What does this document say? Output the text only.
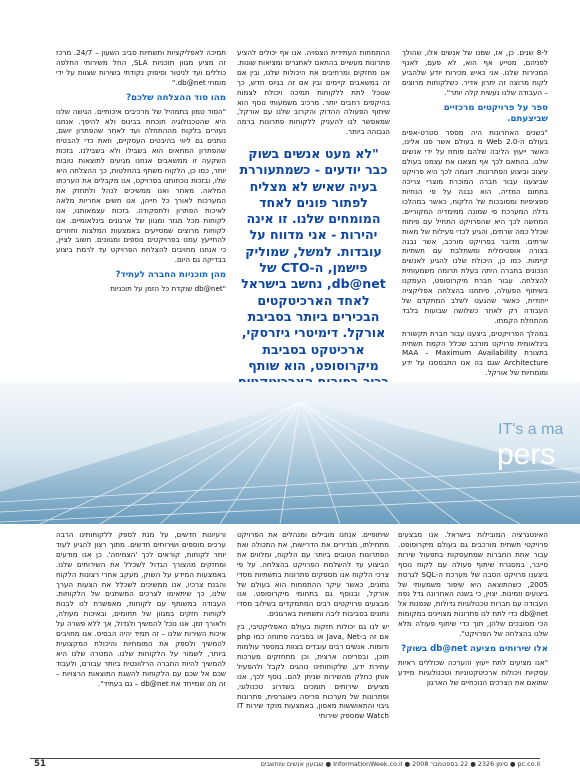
ל-8 שנים. כן, אז, שמנו של אנשים אלו, שהולך לפניהם, מטייע אף הוא, לא פעם, לאנף המכירות שלנו. אני כאיש מכירות יודע שלהביע לקוח מרוצה זה יתרון אדיר. כשלקוחות מרוצים – העבודה שלנו נעשית קלה יותר".

ספר על פרויקטים מרכזיים שביצעתם.

"בשנים האחרונות היה מספר סטרט-אפים בעולם ה-Web 2.0 מ בעולם אשר פנו אלינו, כאשר ייעוץ הליבה שלהם פותח על ידי אנשים שלנו. בהתאם לכך אף מצאנו את עצמנו בעולם עיצוב וביצוע הפתרונות. דוגמה לכך היא פרויקט שביצענו עבור חברה המוכרת מוצרי צריכה בתחום המדיה. הוא נבנה על פי הנחיות ספציפיות ומסובכות של הלקוח, כאשר במהלכו גדלה המערכת פי שמונה ממימדיה המקוריים. המחשה לכך היא שהפרויקט התחיל עם פיתוח שכלל כמה שרתים, והגיע לכדי פעילות של מאות שרתים. מדובר בפרויקט מורכב, אשר נבנה בצורה אופטימלית ומשתלבת עם תשתיות קיימות. כמו כן, היכולת שלנו להגיע לאנשים הנכונים בחברה היתה בעלת תרומה משמעותית להצלחה. עבור חברת מיקרוסופט, העמקנו בשיתוף הפעולה, פיתחנו בהצלחה אפליקציה ייחודית, כאשר שהגענו לשלב המתקדם של העבודה רק לאחר כשלושה שבועות בלבד מהתחלת הקמתו.

במהלך הפרויקטים, ביצענו עבור חברת תקשורת בינלאומית פרויקט מורכב שכלל הקמת תשתית בתצורת MAA – Maximum Availability Architecture שגם בה אנו התבססנו על ידע ומומחיות של אורקל.

ההתמחות העתידית הצפויה. אנו אף יכולים להציע פתרונות מעשיים בהתאם לאתגרים ומציאות שונות. אנו מחזקים ומרחיבים את היכולות שלנו, ובין אם זה במשאבים קיימים ובין אם זה בגיוס חדש, כך שנוכל לתת ללקוחות תמיכה ויכולת לצמוח בהיקפים רחבים יותר. מרכיב משמעותי נוסף הוא שיתוף הפעולה ההדוק והקרוב שלנו עם אורקל, שמאפשר לנו להעניק ללקוחות פתרונות ברמה הגבוהה ביותר.

"לא מעט אנשים בשוק כבר יודעים - כשמתעוררת בעיה שאיש לא מצליח לפתור פונים לאחד המומחים שלנו. זו אינה יהירות - אני מדווח על עובדות. למשל, שמוליק פישמן, ה-CTO של db@net, נחשב בישראל לאחד הארכיטקטים הבכירים ביותר בסביבת אורקל. דימיטרי גיזרסקי, ארכיטקט בסביבת מיקרוסופט, הוא שותף

תמיכה לאפליקציות ותשתיות סביב השעון – 24/7. מרכז זה מציע מגוון תוכניות SLA, החל משירותי החלפה כוללים ועד לניטור וסיפוק נקודתי בשירות שצוות על ידי מומחי db@net."

מהו סוד ההצלחה שלכם?

"הסוד טמון בתמהיל של מרכיבים איכותיים. הגישה שלנו היא שהטכנולוגיה תוכחת בבינוס ולא להיפך. אנחנו נעזרים בלקוח מההתחלה ועד לאחר שהפתרון יושם, נותנים גם ליווי בהיבטים העסקיים, וזאת כדי להבטיח שהפתרון המתאים הוא בשבילו ולא בשבילנו. בזכות השקעה זו ממשאבים אנחנו מגיעים לתוצאות טובות יותר, כמו כן, הלקוח משתף בהחלטות, כך ההצלחה היא שלו, ובזכות נוכחותנו בפרויקט, אנו מקבלים את הערכתו המלאה. מאחר ואנו ממשיכים לנהל ולתחזק את המערכות לאורך כל חייהן, אנו חשים אחריות מלאה לאיכות הפתרון ולתפקודה. בזכות עצמאותנו, אנו לקוחות מכל מגזר ומגוון של ארגונים בינלאומיים. אנו לקוחות מרוצים שמסייעים באמצעות המלצות וחוזרים להתייעץ עמנו בפרויקטים נוספים ומגוונים. חשוב לציין, כי אנחנו מחויבים להצלחת הפרויקט עד לרמת ביצוע בבדיקה גם היום.

מהן תוכניות החברה לעתיד?

"db@net שוקדת כל הזמן על תוכניות

IT's a ma
pers

האינטגרציה המובילות בישראל. אנו מבצעים פרויקטי תשתית מורכבים גם בעולם מיקרוסופט. עבור אחת החברות שמתעסקות בתפעול שירות סייבר, במסגרת שיתוף פעולה עם לקוח נוסף ביצענו פרויקט הסבה של מערכת ה-SQL לגרסת 2005, כשהתוצאה היא שיפור משמעותי של ביצועים וזמינות. יצוין, כי בשנה האחרונה גדל נפח העבודה עם חברות טכנולוגיות גדולות, שנפנות אל db@net כדי לתת לנו פתרונות מצויינים במקומות הכי מסובכים שלהן, תוך כדי שיתוף פעולה מלא שלנו בהצלחה של הפרויקט".

אלו שירותים מציעה db@net בשוק?

"אנו מציעים לתת ייעוץ והערכה שכוללים ראיות עסקיות ויכולות ארכיטקטוניות וטכנולוגיות מיידע שתואם את הצרכים הנוכחיים של הארגון

שיתופיים. אנחנו מובילים ומנהלים את הפרויקט מתחילתו, מגדירים את הדרישות, את התכולה ואת הפתרונות הטובים ביותר עם הלקוח, ומלווים את הביצוע עד להשלמת הפרויקט בהצלחה. על פי צרכי הלקוח אנו מספקים פתרונות בתשתיות מסדי נתונים, כאשר עיקר ההתמחות הוא בעולם של אורקל, ובנוסף גם בתחומי מיקרוסופט. אנו מבצעים פרויקטים רבים המתמקדים בשילוב מסדי נתונים בסביבות ליבה ותשתיות בארגונים.

יש לנו גם יכולות חזקות בעולם האפליקטיבי, בין אם זה ב-Java, Net או בסביבה פתוחה כמו php ודומות. אנשים רבים עובדים בצוות במספר עולמות תוכן, ובפריסה ארצית, וכן מתחזקים מערכות עתירת ידע, שלקוחותינו נוהגים לקבל ולהפעיל אותן כחלק מהשירות שניתן להם. נוסף לכך, אנו מציעים שירותים תומכים בשדרוג טכנולוגי, ופתרונות של מערכות פריסה גיאוגרפית, פתרונות גיבוי והתאוששות מאסון, באמצעות מוקד שירות IT Watch שמספק שירותי

ורעיונות חדשים, על מנת לספק ללקוחותינו הרבה ערכים מוספים ושירותים חדשים. מתוך רצון להגיע לעוד יותר לקוחות, קוראים לכך 'הצמיחה'. כן אנו מודעים ומחזקים מהצורך הגדול לשכלל את השירותים שלנו. באמצעות המידע על השוק, מעקב אחרי רצונות הלקוח והבנת צרכיו, אנו ממשיכים לשכלל את הצעות הערך שלנו, כך שיתאימו לצרכים המשתנים של הלקוחות. העבודה במשותף עם לקוחות, מאפשרת לנו לבנות לקוחות חזקים במגוון של תחומים, ובאיכות מעולה, ולאורך זמן. אנו נוכל להמשיך ולגדול, אך ללא פשרה על איכות השירות שלנו – זה תמיד יהיה הבסיס. אנו מחויבים להמשיך ולספק את המומחיות והיכולת המקצועית ביותר, לשמור על הלקוחות שלנו. המטרה שלנו היא להמשיך להיות החברה הרלוונטית ביותר עבורם, ולעבוד שכם אל שכם עם הלקוחות להשגת התוצאות הרצויות – זה מה שמייחד את db@net – גם בעתיד".

51	pc.co.il ● סימן 2326 ● 22 בספטמבר 2008 ● InformationWeek.co.il ● שבועון אנשים ומחשבים
